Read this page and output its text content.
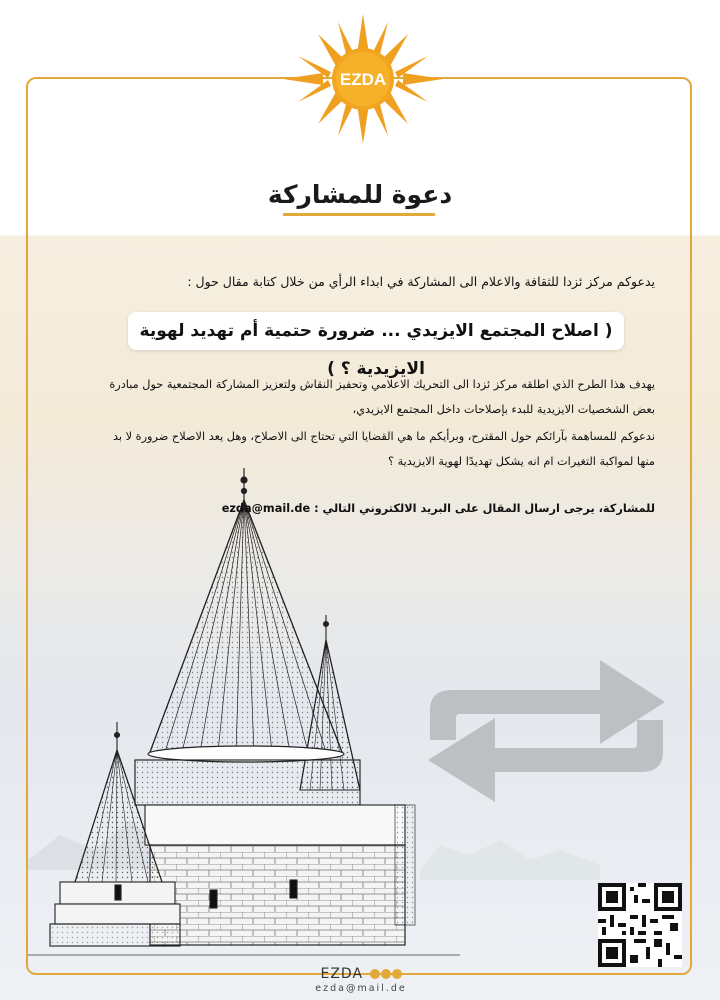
EZDA
دعوة للمشاركة
يدعوكم مركز ئزدا للثقافة والاعلام الى المشاركة في ابداء الرأي من خلال كتابة مقال حول :
( اصلاح المجتمع الايزيدي ... ضرورة حتمية أم تهديد لهوية الايزيدية ؟ )
يهدف هذا الطرح الذي اطلقه مركز ئزدا الى التحريك الاعلامي وتحفيز النقاش ولتعزيز المشاركة المجتمعية حول مبادرة
بعض الشخصيات الايزيدية للبدء بإصلاحات داخل المجتمع الايزيدي،
ندعوكم للمساهمة بآرائكم حول المقترح، وبرأيكم ما هي القضايا التي تحتاج الى الاصلاح، وهل يعد الاصلاح ضرورة لا بد
منها لمواكبة التغيرات ام انه يشكل تهديدًا لهوية الايزيدية ؟
للمشاركة، يرجى ارسال المقال على البريد الالكتروني التالي : ezda@mail.de
EZDA
ezda@mail.de
